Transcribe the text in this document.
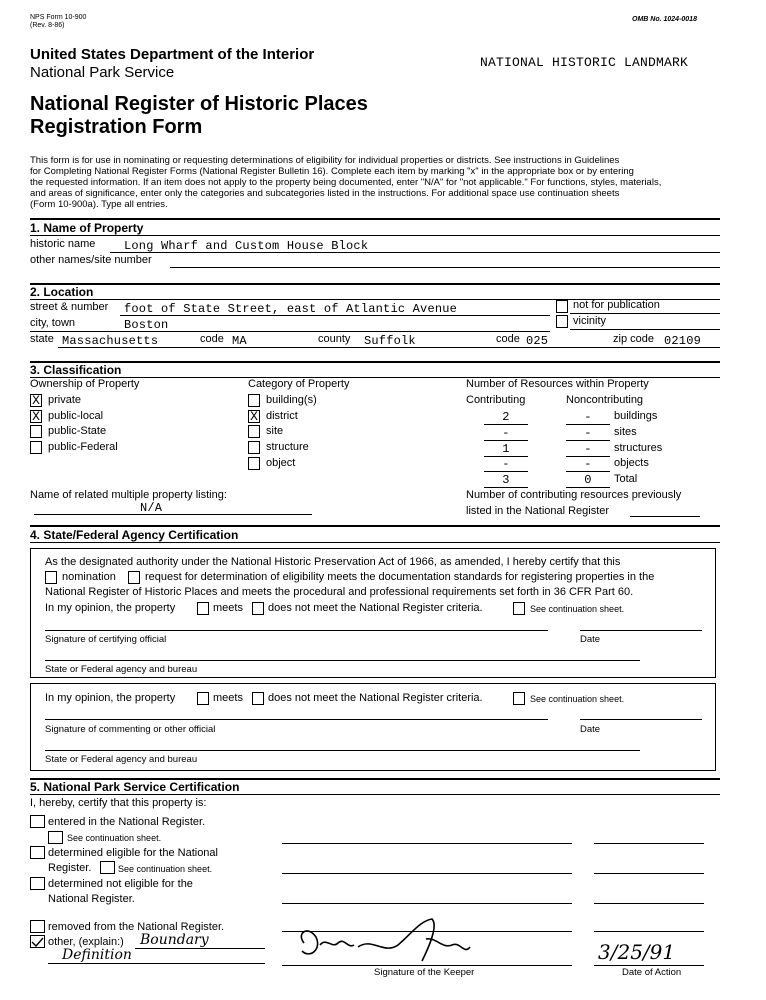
NPS Form 10-900
(Rev. 8-86)
OMB No. 1024-0018
United States Department of the Interior
National Park Service
NATIONAL HISTORIC LANDMARK
National Register of Historic Places
Registration Form
This form is for use in nominating or requesting determinations of eligibility for individual properties or districts. See instructions in Guidelines
for Completing National Register Forms (National Register Bulletin 16). Complete each item by marking "x" in the appropriate box or by entering
the requested information. If an item does not apply to the property being documented, enter "N/A" for "not applicable." For functions, styles, materials,
and areas of significance, enter only the categories and subcategories listed in the instructions. For additional space use continuation sheets
(Form 10-900a). Type all entries.
1. Name of Property
historic name Long Wharf and Custom House Block
other names/site number
2. Location
street & number foot of State Street, east of Atlantic Avenue	not for publication
city, town	Boston	vicinity
state Massachusetts	code MA	county Suffolk	code 025	zip code 02109
3. Classification
Ownership of Property
X private
X public-local
public-State
public-Federal
Category of Property
building(s)
X district
site
structure
object
Number of Resources within Property
Contributing	Noncontributing
2	-	buildings
-	-	sites
1	-	structures
-	-	objects
3	0	Total
Name of related multiple property listing:
N/A
Number of contributing resources previously
listed in the National Register
4. State/Federal Agency Certification
As the designated authority under the National Historic Preservation Act of 1966, as amended, I hereby certify that this
nomination	request for determination of eligibility meets the documentation standards for registering properties in the
National Register of Historic Places and meets the procedural and professional requirements set forth in 36 CFR Part 60.
In my opinion, the property	meets does not meet the National Register criteria.	See continuation sheet.
Signature of certifying official	Date
State or Federal agency and bureau
In my opinion, the property	meets does not meet the National Register criteria.	See continuation sheet.
Signature of commenting or other official	Date
State or Federal agency and bureau
5. National Park Service Certification
I, hereby, certify that this property is:
entered in the National Register.
See continuation sheet.
determined eligible for the National
Register.	See continuation sheet.
determined not eligible for the
National Register.
removed from the National Register.
other, (explain:) Boundary
Definition
Signature of the Keeper
3/25/91
Date of Action
